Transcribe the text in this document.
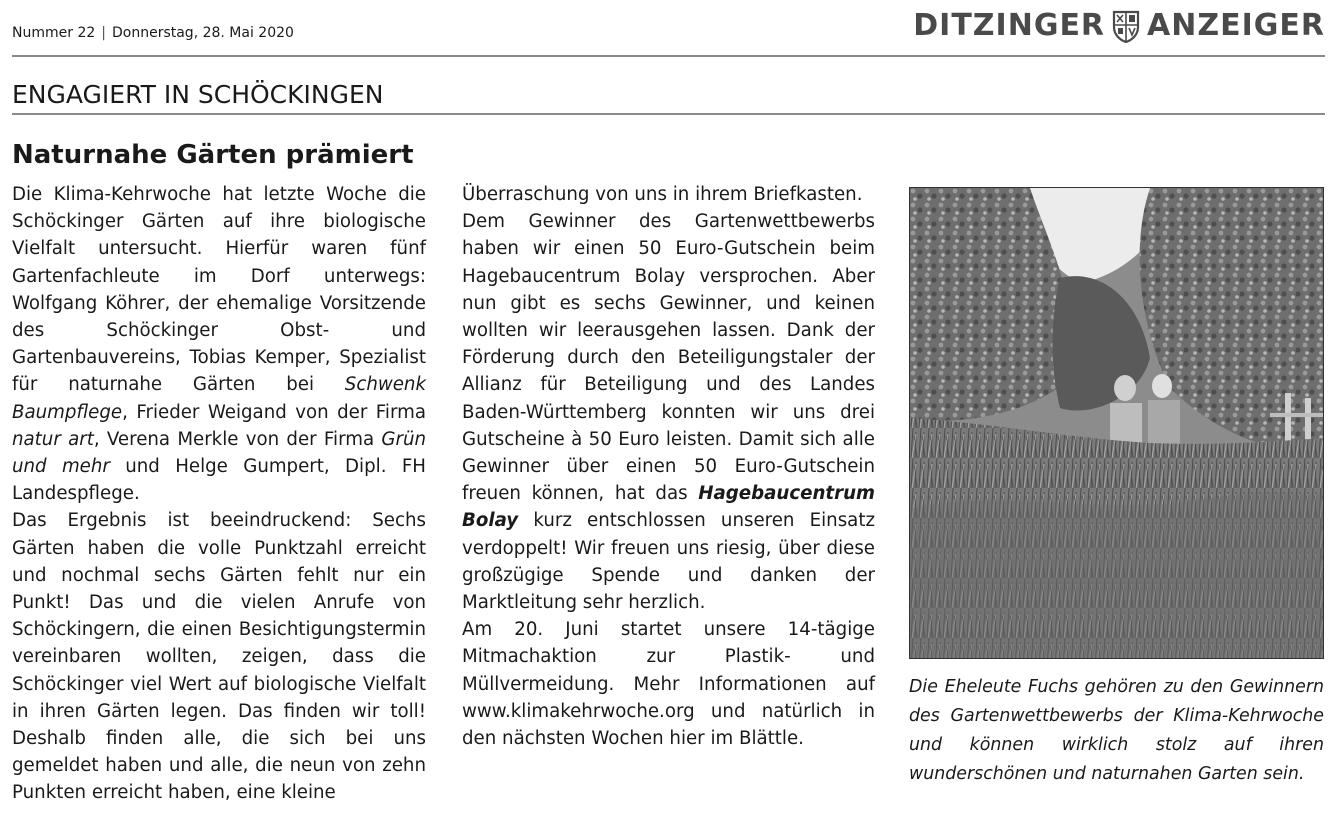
Nummer 22 | Donnerstag, 28. Mai 2020	DITZINGER ANZEIGER
ENGAGIERT IN SCHÖCKINGEN
Naturnahe Gärten prämiert

Die Klima-Kehrwoche hat letzte Woche die Schöckinger Gärten auf ihre biologische Vielfalt untersucht. Hierfür waren fünf Gartenfachleute im Dorf unterwegs: Wolfgang Köhrer, der ehemalige Vorsitzende des Schöckinger Obst- und Gartenbauvereins, Tobias Kemper, Spezialist für naturnahe Gärten bei Schwenk Baumpflege, Frieder Weigand von der Firma natur art, Verena Merkle von der Firma Grün und mehr und Helge Gumpert, Dipl. FH Landespflege.

Das Ergebnis ist beeindruckend: Sechs Gärten haben die volle Punktzahl erreicht und nochmal sechs Gärten fehlt nur ein Punkt! Das und die vielen Anrufe von Schöckingern, die einen Besichtigungstermin vereinbaren wollten, zeigen, dass die Schöckinger viel Wert auf biologische Vielfalt in ihren Gärten legen. Das finden wir toll! Deshalb finden alle, die sich bei uns gemeldet haben und alle, die neun von zehn Punkten erreicht haben, eine kleine

Überraschung von uns in ihrem Briefkasten.

Dem Gewinner des Gartenwettbewerbs haben wir einen 50 Euro-Gutschein beim Hagebaucentrum Bolay versprochen. Aber nun gibt es sechs Gewinner, und keinen wollten wir leerausgehen lassen. Dank der Förderung durch den Beteiligungstaler der Allianz für Beteiligung und des Landes Baden-Württemberg konnten wir uns drei Gutscheine à 50 Euro leisten. Damit sich alle Gewinner über einen 50 Euro-Gutschein freuen können, hat das Hagebaucentrum Bolay kurz entschlossen unseren Einsatz verdoppelt! Wir freuen uns riesig, über diese großzügige Spende und danken der Marktleitung sehr herzlich.

Am 20. Juni startet unsere 14-tägige Mitmachaktion zur Plastik- und Müllvermeidung. Mehr Informationen auf www.klimakehrwoche.org und natürlich in den nächsten Wochen hier im Blättle.

Die Eheleute Fuchs gehören zu den Gewinnern des Gartenwettbewerbs der Klima-Kehrwoche und können wirklich stolz auf ihren wunderschönen und naturnahen Garten sein.
